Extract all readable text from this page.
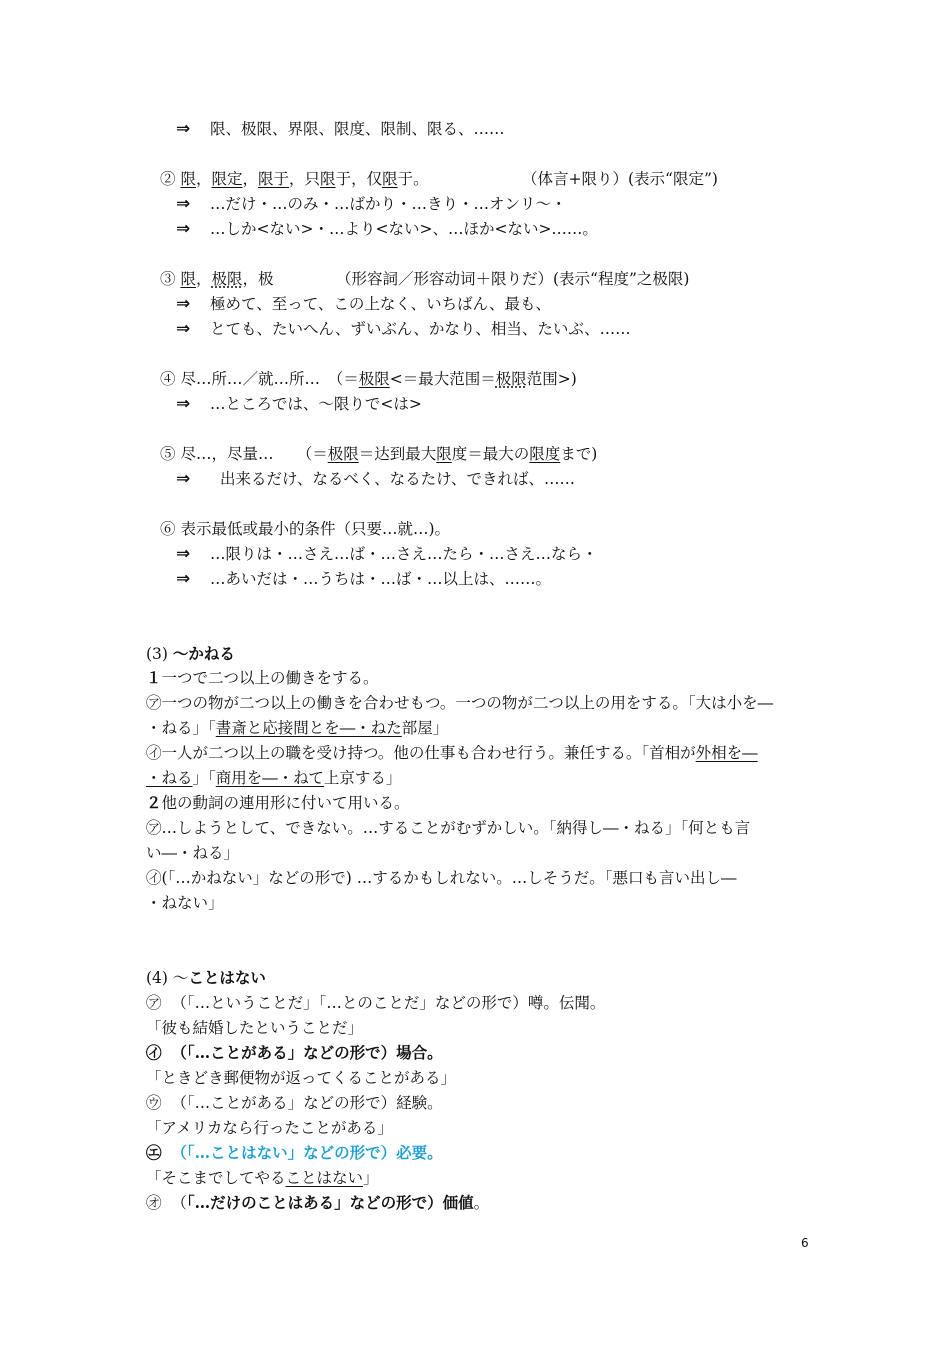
⇒ 限、极限、界限、限度、限制、限る、……
② 限，限定，限于，只限于，仅限于。	（体言+限り）(表示“限定”)
⇒ …だけ・…のみ・…ばかり・…きり・…オンリ～・
⇒ …しか<ない>・…より<ない>、…ほか<ない>……。
③ 限，极限，极	（形容詞／形容动词＋限りだ）(表示“程度”之极限)
⇒ 極めて、至って、この上なく、いちばん、最も、
⇒ とても、たいへん、ずいぶん、かなり、相当、たいぶ、……
④ 尽…所…／就…所…　（＝极限<＝最大范围＝极限范围>)
⇒ …ところでは、～限りで<は>
⑤ 尽…，尽量…　　（＝极限＝达到最大限度＝最大の限度まで)
⇒ 出来るだけ、なるべく、なるたけ、できれば、……
⑥ 表示最低或最小的条件（只要…就…)。
⇒ …限りは・…さえ…ば・…さえ…たら・…さえ…なら・
⇒ …あいだは・…うちは・…ば・…以上は、……。
(3) ～かねる
１一つで二つ以上の働きをする。
㋐一つの物が二つ以上の働きを合わせもつ。一つの物が二つ以上の用をする。「大は小を―
・ねる」「書斎と応接間とを―・ねた部屋」
㋑一人が二つ以上の職を受け持つ。他の仕事も合わせ行う。兼任する。「首相が外相を―
・ねる」「商用を―・ねて上京する」
２他の動詞の連用形に付いて用いる。
㋐…しようとして、できない。…することがむずかしい。「納得し―・ねる」「何とも言
い―・ねる」
㋑(「…かねない」などの形で) …するかもしれない。…しそうだ。「悪口も言い出し―
・ねない」
(4) ～ことはない
㋐ （「…ということだ」「…とのことだ」などの形で）噂。伝聞。
「彼も結婚したということだ」
㋑ （「…ことがある」などの形で）場合。
「ときどき郵便物が返ってくることがある」
㋒ （「…ことがある」などの形で）経験。
「アメリカなら行ったことがある」
㋓ （「…ことはない」などの形で）必要。
「そこまでしてやることはない」
㋔ （「…だけのことはある」などの形で）価値。
6
